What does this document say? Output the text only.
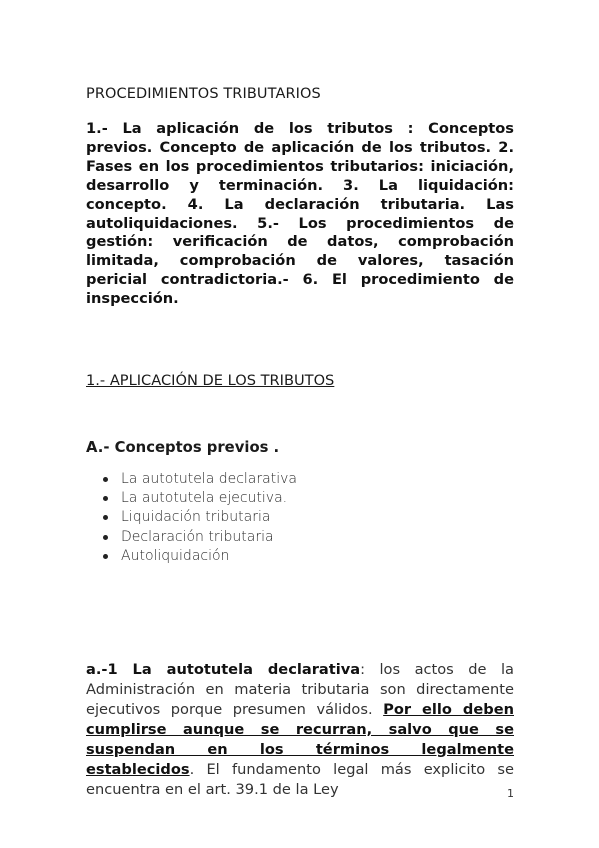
PROCEDIMIENTOS TRIBUTARIOS
1.- La aplicación de los tributos : Conceptos previos. Concepto de aplicación de los tributos. 2. Fases en los procedimientos tributarios: iniciación, desarrollo y terminación. 3. La liquidación: concepto. 4. La declaración tributaria. Las autoliquidaciones. 5.- Los procedimientos de gestión: verificación de datos, comprobación limitada, comprobación de valores, tasación pericial contradictoria.- 6. El procedimiento de inspección.
1.- APLICACIÓN DE LOS TRIBUTOS
A.- Conceptos previos .
La autotutela declarativa
La autotutela ejecutiva.
Liquidación tributaria
Declaración tributaria
Autoliquidación

a.-1 La autotutela declarativa: los actos de la Administración en materia tributaria son directamente ejecutivos porque presumen válidos. Por ello deben cumplirse aunque se recurran, salvo que se suspendan en los términos legalmente establecidos. El fundamento legal más explicito se encuentra en el art. 39.1 de la Ley	1
